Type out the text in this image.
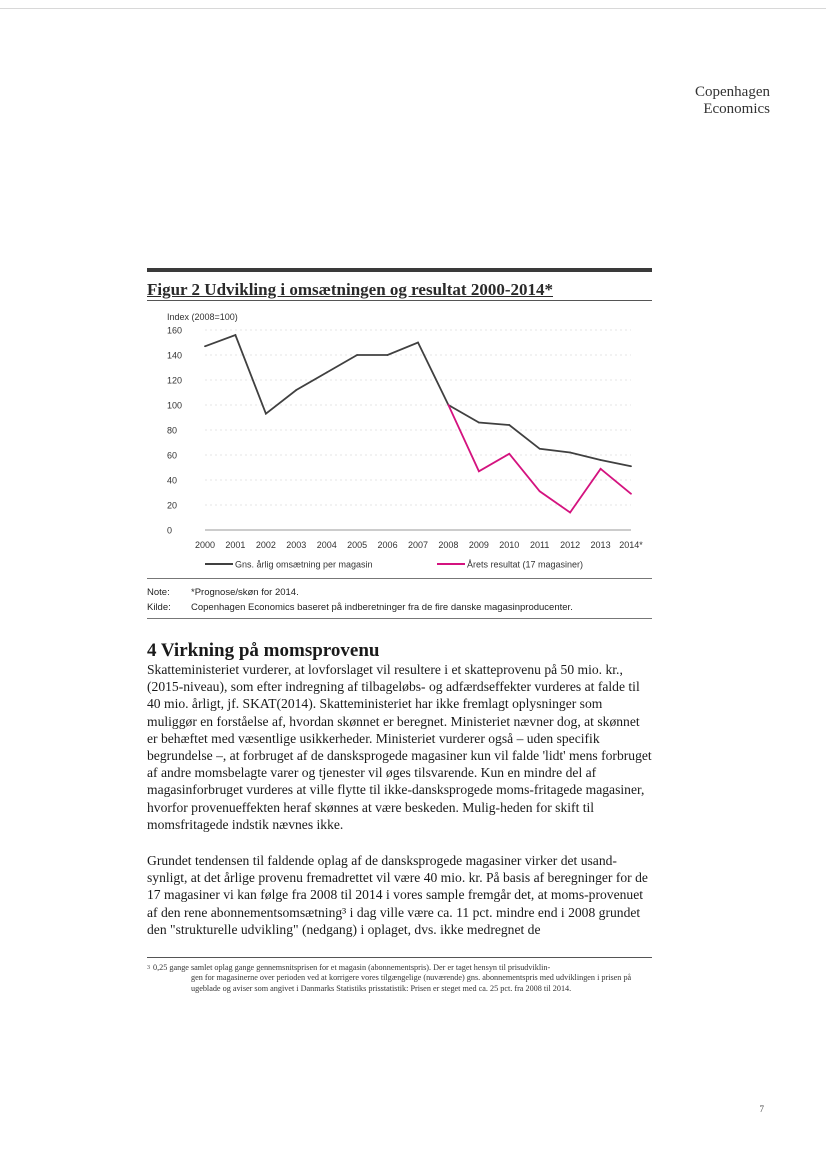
Copenhagen
Economics
Figur 2 Udvikling i omsætningen og resultat 2000-2014*
Index (2008=100)
0
20
40
60
80
100
120
140
160
2000 2001 2002 2003 2004 2005 2006 2007 2008 2009 2010 2011 2012 2013 2014*
Gns. årlig omsætning per magasin	Årets resultat (17 magasiner)
Note:	*Prognose/skøn for 2014.
Kilde:	Copenhagen Economics baseret på indberetninger fra de fire danske magasinproducenter.
4 Virkning på momsprovenu

Skatteministeriet vurderer, at lovforslaget vil resultere i et skatteprovenu på 50 mio. kr., (2015-niveau), som efter indregning af tilbageløbs- og adfærdseffekter vurderes at falde til 40 mio. årligt, jf. SKAT(2014). Skatteministeriet har ikke fremlagt oplysninger som muliggør en forståelse af, hvordan skønnet er beregnet. Ministeriet nævner dog, at skønnet er behæftet med væsentlige usikkerheder. Ministeriet vurderer også – uden specifik begrundelse –, at forbruget af de dansksprogede magasiner kun vil falde 'lidt' mens forbruget af andre momsbelagte varer og tjenester vil øges tilsvarende. Kun en mindre del af magasinforbruget vurderes at ville flytte til ikke-dansksprogede moms-fritagede magasiner, hvorfor provenueffekten heraf skønnes at være beskeden. Mulig-heden for skift til momsfritagede indstik nævnes ikke.

Grundet tendensen til faldende oplag af de dansksprogede magasiner virker det usand-synligt, at det årlige provenu fremadrettet vil være 40 mio. kr. På basis af beregninger for de 17 magasiner vi kan følge fra 2008 til 2014 i vores sample fremgår det, at moms-provenuet af den rene abonnementsomsætning³ i dag ville være ca. 11 pct. mindre end i 2008 grundet den "strukturelle udvikling" (nedgang) i oplaget, dvs. ikke medregnet de

3 0,25 gange samlet oplag gange gennemsnitsprisen for et magasin (abonnementspris). Der er taget hensyn til prisudviklin-
gen for magasinerne over perioden ved at korrigere vores tilgængelige (nuværende) gns. abonnementspris med udviklingen i prisen på ugeblade og aviser som angivet i Danmarks Statistiks prisstatistik: Prisen er steget med ca. 25 pct. fra 2008 til 2014.
7
